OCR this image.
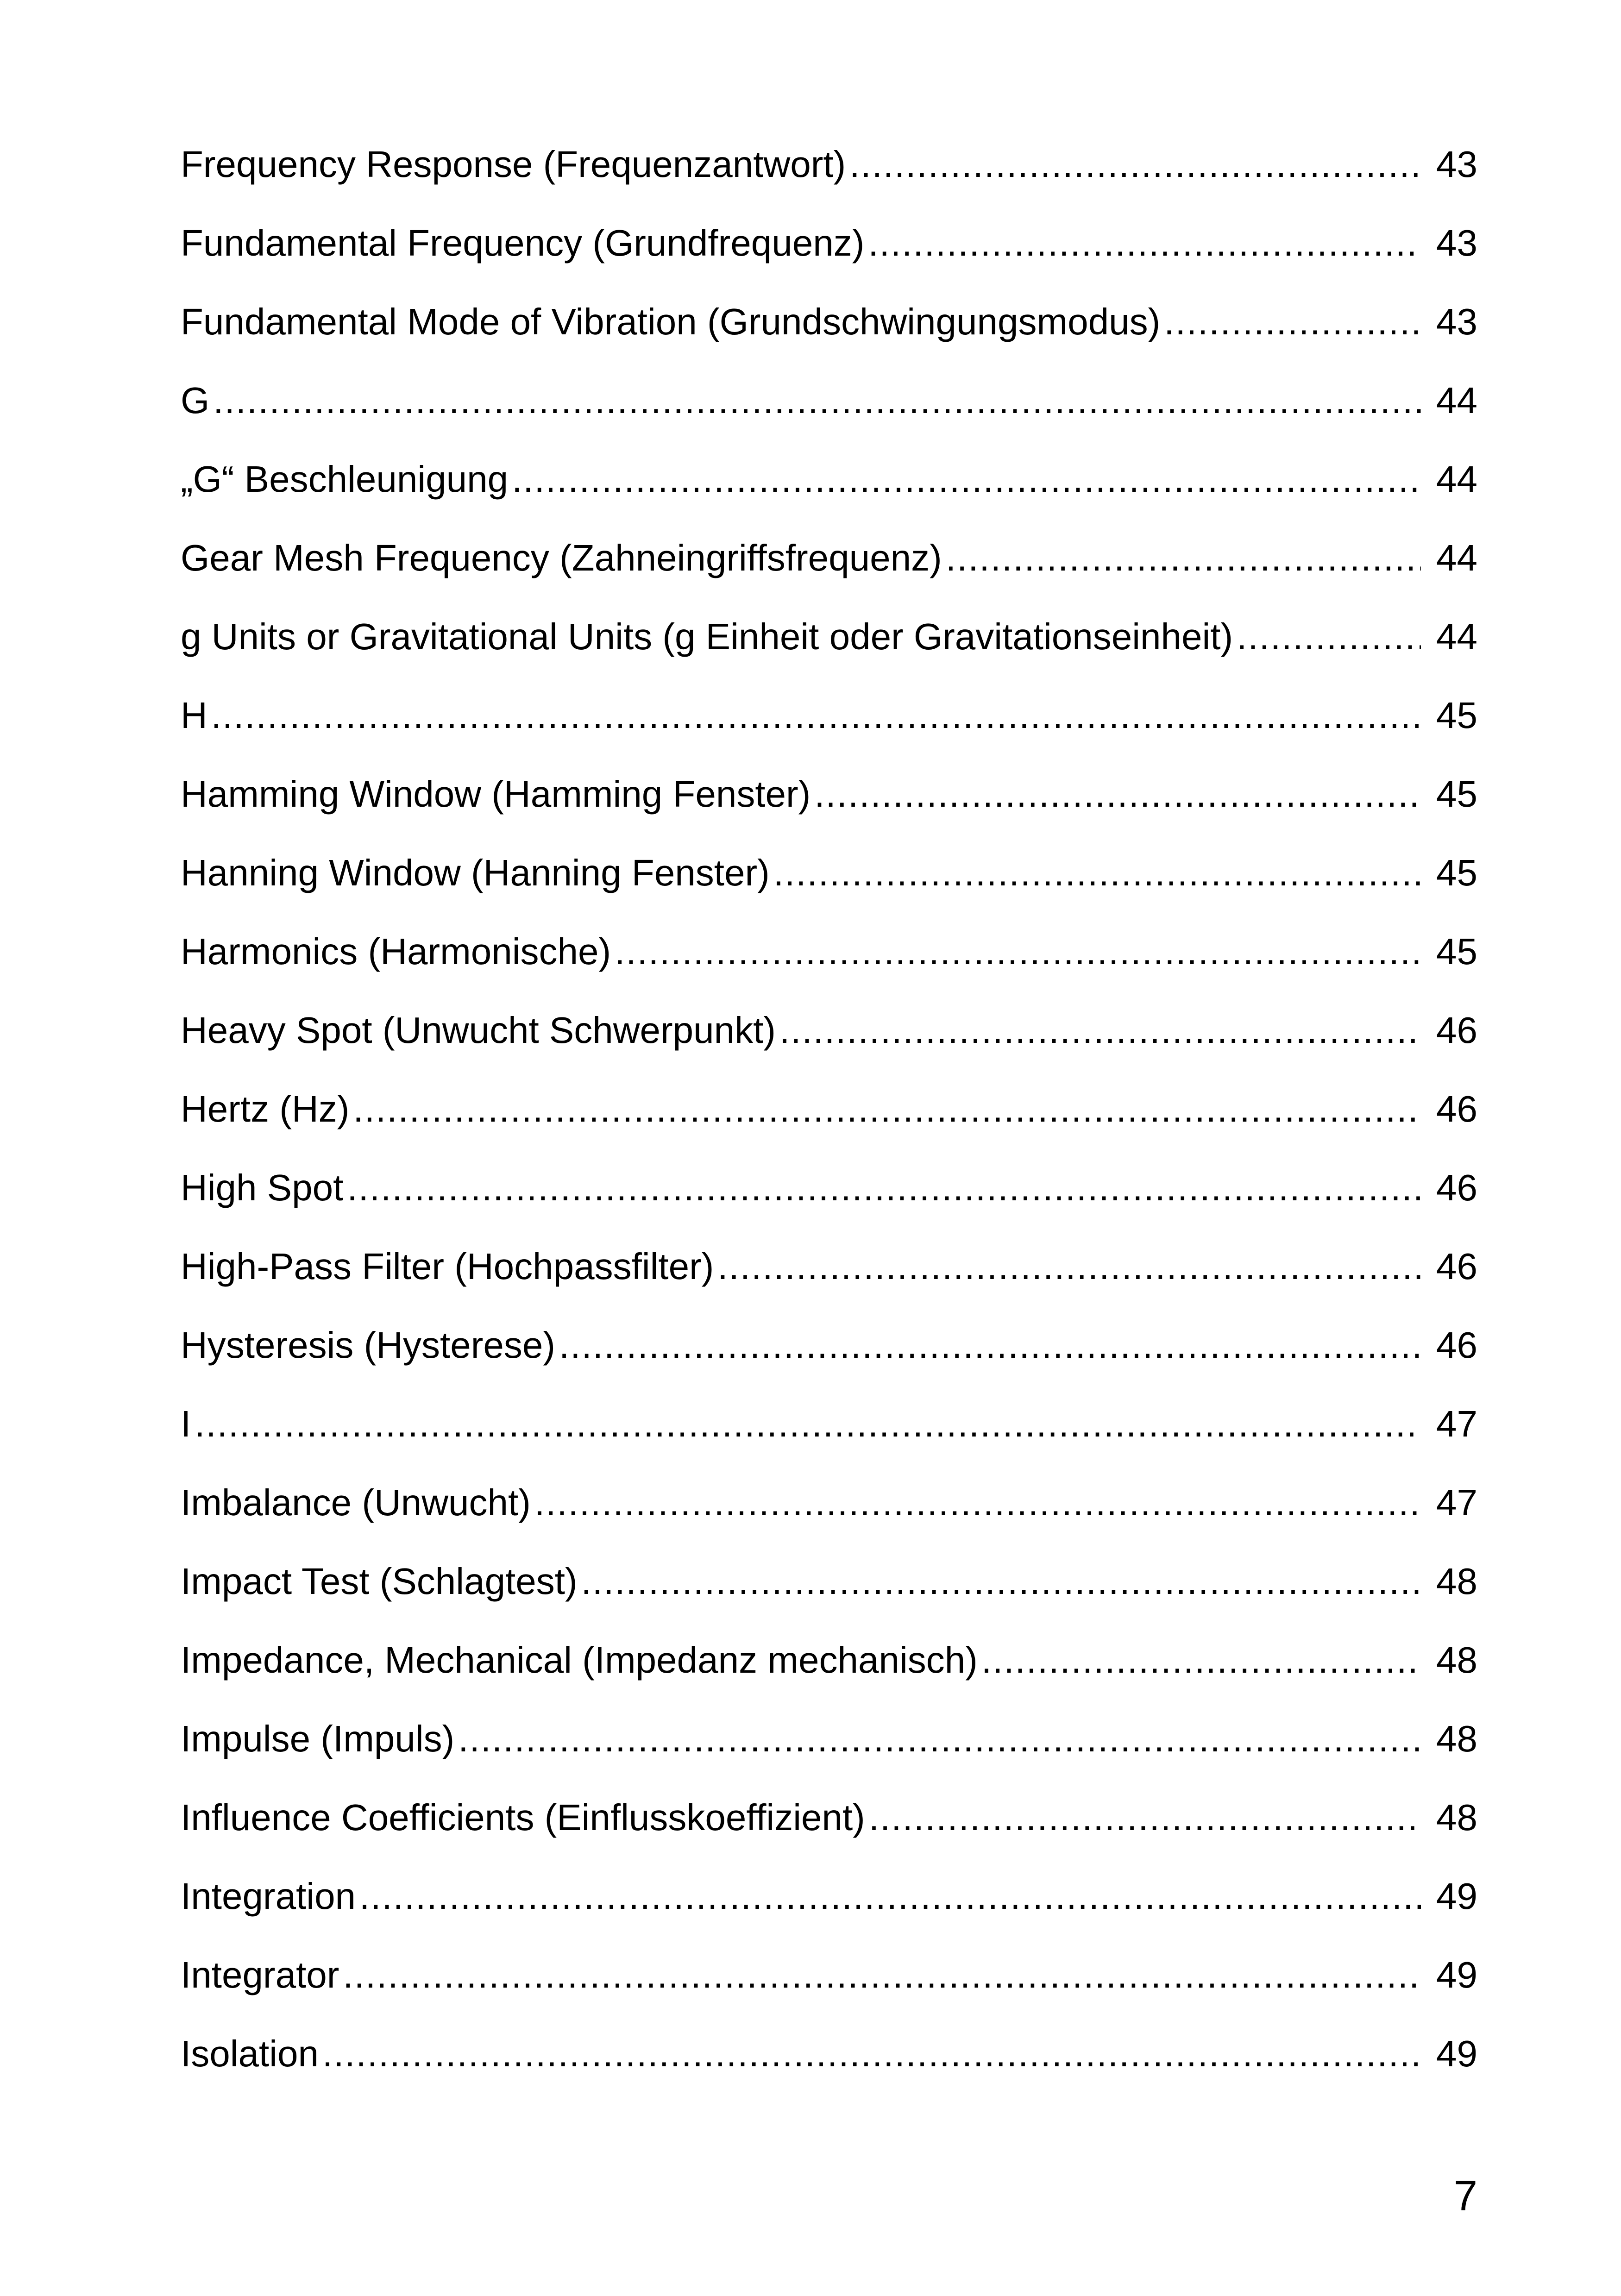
Frequency Response (Frequenzantwort) .....	43
Fundamental Frequency (Grundfrequenz) .....	43
Fundamental Mode of Vibration (Grundschwingungsmodus) .....	43
G .....	44
„G“ Beschleunigung .....	44
Gear Mesh Frequency (Zahneingriffsfrequenz) .....	44
g Units or Gravitational Units (g Einheit oder Gravitationseinheit) .....	44
H .....	45
Hamming Window (Hamming Fenster) .....	45
Hanning Window (Hanning Fenster) .....	45
Harmonics (Harmonische) .....	45
Heavy Spot (Unwucht Schwerpunkt) .....	46
Hertz (Hz) .....	46
High Spot .....	46
High-Pass Filter (Hochpassfilter) .....	46
Hysteresis (Hysterese) .....	46
I .....	47
Imbalance (Unwucht) .....	47
Impact Test (Schlagtest) .....	48
Impedance, Mechanical (Impedanz mechanisch) .....	48
Impulse (Impuls) .....	48
Influence Coefficients (Einflusskoeffizient) .....	48
Integration .....	49
Integrator .....	49
Isolation .....	49
7
